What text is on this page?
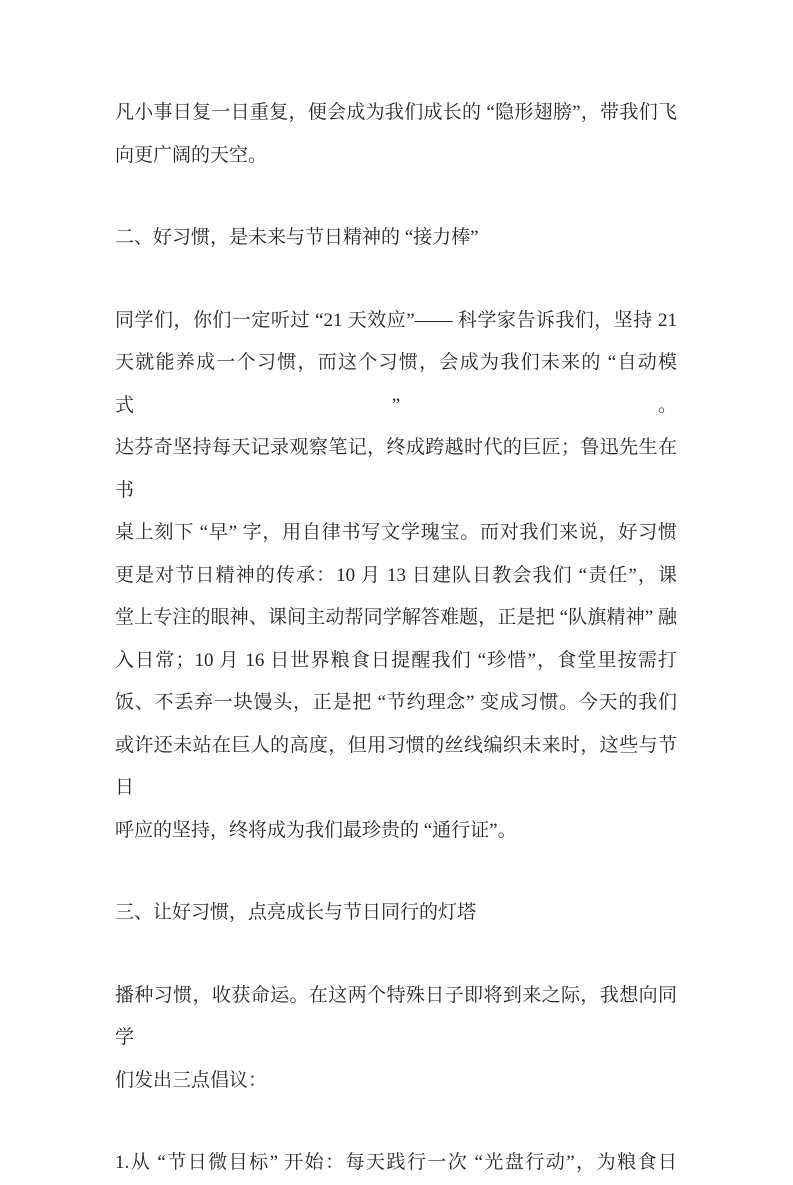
凡小事日复一日重复，便会成为我们成长的 “隐形翅膀”，带我们飞
向更广阔的天空。
二、好习惯，是未来与节日精神的 “接力棒”
同学们，你们一定听过 “21 天效应”—— 科学家告诉我们，坚持 21
天就能养成一个习惯，而这个习惯，会成为我们未来的 “自动模式”。
达芬奇坚持每天记录观察笔记，终成跨越时代的巨匠；鲁迅先生在书
桌上刻下 “早” 字，用自律书写文学瑰宝。而对我们来说，好习惯
更是对节日精神的传承：10 月 13 日建队日教会我们 “责任”，课
堂上专注的眼神、课间主动帮同学解答难题，正是把 “队旗精神” 融
入日常；10 月 16 日世界粮食日提醒我们 “珍惜”，食堂里按需打
饭、不丢弃一块馒头，正是把 “节约理念” 变成习惯。今天的我们
或许还未站在巨人的高度，但用习惯的丝线编织未来时，这些与节日
呼应的坚持，终将成为我们最珍贵的 “通行证”。
三、让好习惯，点亮成长与节日同行的灯塔
播种习惯，收获命运。在这两个特殊日子即将到来之际，我想向同学
们发出三点倡议：
1.从 “节日微目标” 开始：每天践行一次 “光盘行动”，为粮食日
